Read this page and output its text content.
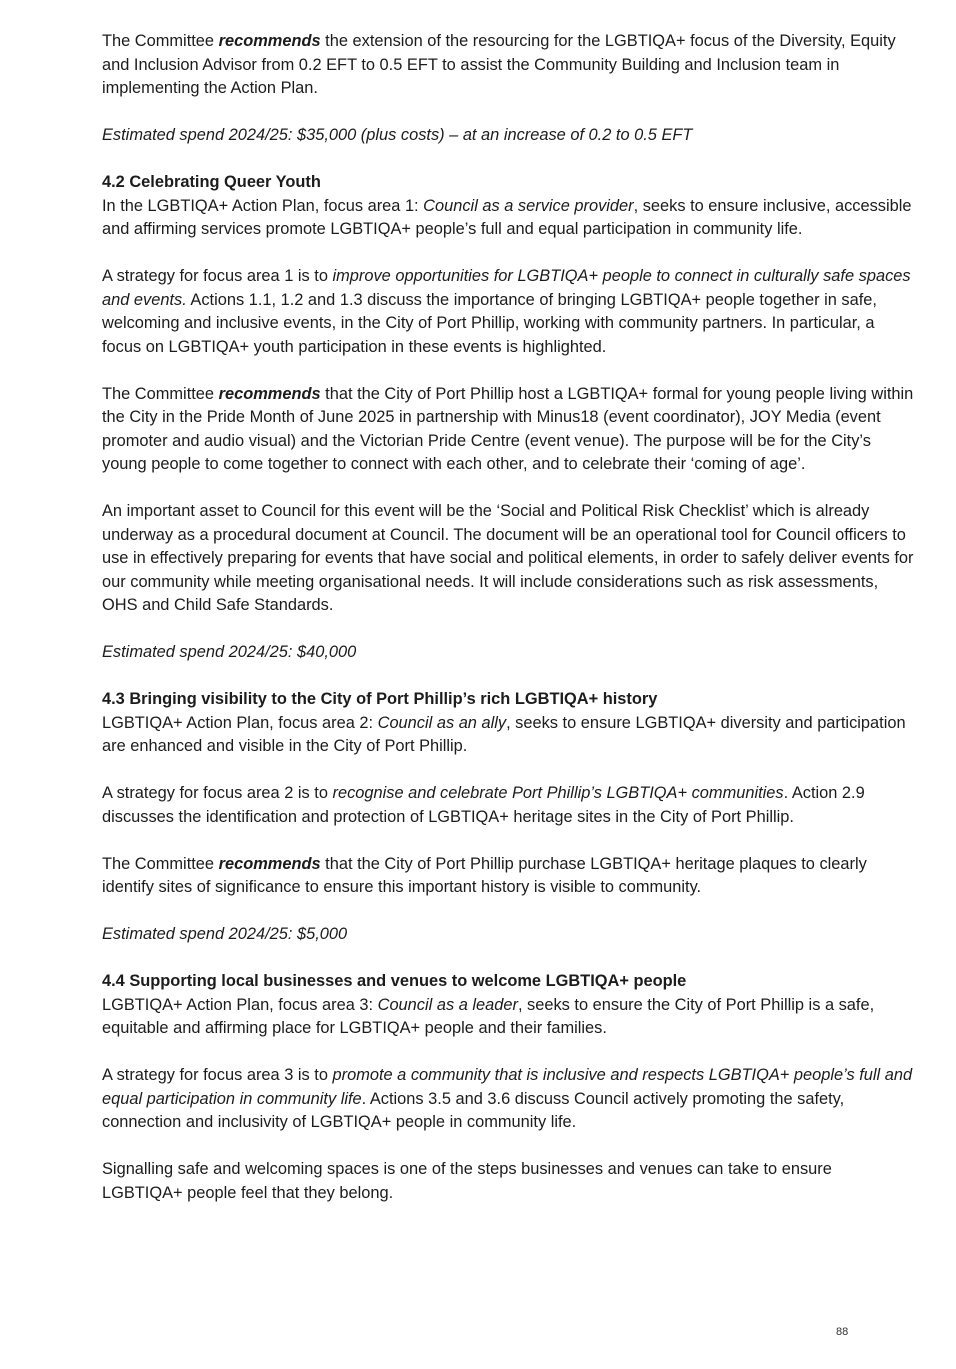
The Committee recommends the extension of the resourcing for the LGBTIQA+ focus of the Diversity, Equity and Inclusion Advisor from 0.2 EFT to 0.5 EFT to assist the Community Building and Inclusion team in implementing the Action Plan.

Estimated spend 2024/25: $35,000 (plus costs) – at an increase of 0.2 to 0.5 EFT

4.2 Celebrating Queer Youth
In the LGBTIQA+ Action Plan, focus area 1: Council as a service provider, seeks to ensure inclusive, accessible and affirming services promote LGBTIQA+ people’s full and equal participation in community life.

A strategy for focus area 1 is to improve opportunities for LGBTIQA+ people to connect in culturally safe spaces and events. Actions 1.1, 1.2 and 1.3 discuss the importance of bringing LGBTIQA+ people together in safe, welcoming and inclusive events, in the City of Port Phillip, working with community partners. In particular, a focus on LGBTIQA+ youth participation in these events is highlighted.

The Committee recommends that the City of Port Phillip host a LGBTIQA+ formal for young people living within the City in the Pride Month of June 2025 in partnership with Minus18 (event coordinator), JOY Media (event promoter and audio visual) and the Victorian Pride Centre (event venue). The purpose will be for the City’s young people to come together to connect with each other, and to celebrate their ‘coming of age’.

An important asset to Council for this event will be the ‘Social and Political Risk Checklist’ which is already underway as a procedural document at Council. The document will be an operational tool for Council officers to use in effectively preparing for events that have social and political elements, in order to safely deliver events for our community while meeting organisational needs. It will include considerations such as risk assessments, OHS and Child Safe Standards.

Estimated spend 2024/25: $40,000

4.3 Bringing visibility to the City of Port Phillip’s rich LGBTIQA+ history
LGBTIQA+ Action Plan, focus area 2: Council as an ally, seeks to ensure LGBTIQA+ diversity and participation are enhanced and visible in the City of Port Phillip.

A strategy for focus area 2 is to recognise and celebrate Port Phillip’s LGBTIQA+ communities. Action 2.9 discusses the identification and protection of LGBTIQA+ heritage sites in the City of Port Phillip.

The Committee recommends that the City of Port Phillip purchase LGBTIQA+ heritage plaques to clearly identify sites of significance to ensure this important history is visible to community.

Estimated spend 2024/25: $5,000

4.4 Supporting local businesses and venues to welcome LGBTIQA+ people
LGBTIQA+ Action Plan, focus area 3: Council as a leader, seeks to ensure the City of Port Phillip is a safe, equitable and affirming place for LGBTIQA+ people and their families.

A strategy for focus area 3 is to promote a community that is inclusive and respects LGBTIQA+ people’s full and equal participation in community life. Actions 3.5 and 3.6 discuss Council actively promoting the safety, connection and inclusivity of LGBTIQA+ people in community life.

Signalling safe and welcoming spaces is one of the steps businesses and venues can take to ensure LGBTIQA+ people feel that they belong.

88
